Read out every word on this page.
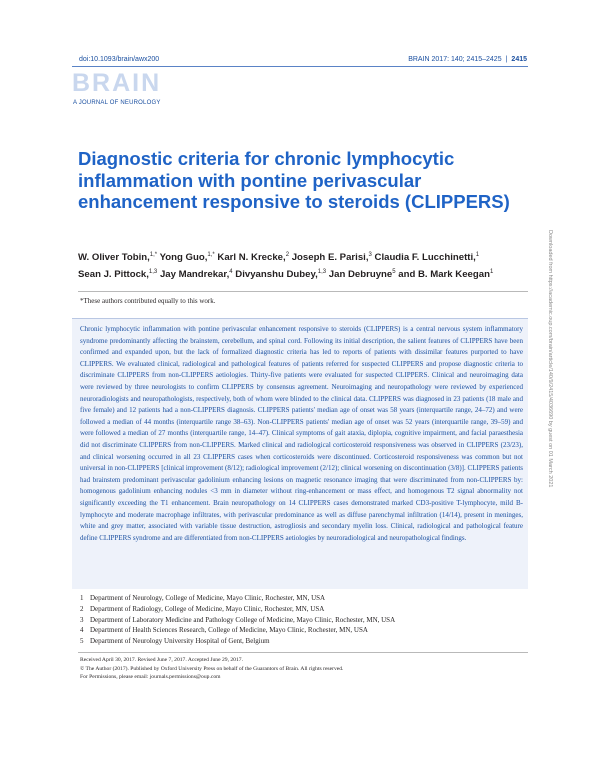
doi:10.1093/brain/awx200	BRAIN 2017: 140; 2415–2425 | 2415
BRAIN
A JOURNAL OF NEUROLOGY
Diagnostic criteria for chronic lymphocytic inflammation with pontine perivascular enhancement responsive to steroids (CLIPPERS)
W. Oliver Tobin,$^{1,*}$ Yong Guo,$^{1,*}$ Karl N. Krecke,$^2$ Joseph E. Parisi,$^3$ Claudia F. Lucchinetti,$^1$
Sean J. Pittock,$^{1,3}$ Jay Mandrekar,$^4$ Divyanshu Dubey,$^{1,3}$ Jan Debruyne$^5$ and B. Mark Keegan$^1$	Downloaded from https://academic.oup.com/brain/article/140/9/2415/4036690 by guest on 01 March 2021
*These authors contributed equally to this work.
Chronic lymphocytic inflammation with pontine perivascular enhancement responsive to steroids (CLIPPERS) is a central nervous system inflammatory syndrome predominantly affecting the brainstem, cerebellum, and spinal cord. Following its initial description, the salient features of CLIPPERS have been confirmed and expanded upon, but the lack of formalized diagnostic criteria has led to reports of patients with dissimilar features purported to have CLIPPERS. We evaluated clinical, radiological and pathological features of patients referred for suspected CLIPPERS and propose diagnostic criteria to discriminate CLIPPERS from non-CLIPPERS aetiologies. Thirty-five patients were evaluated for suspected CLIPPERS. Clinical and neuroimaging data were reviewed by three neurologists to confirm CLIPPERS by consensus agreement. Neuroimaging and neuropathology were reviewed by experienced neuroradiologists and neuropathologists, respectively, both of whom were blinded to the clinical data. CLIPPERS was diagnosed in 23 patients (18 male and five female) and 12 patients had a non-CLIPPERS diagnosis. CLIPPERS patients' median age of onset was 58 years (interquartile range, 24–72) and were followed a median of 44 months (interquartile range 38–63). Non-CLIPPERS patients' median age of onset was 52 years (interquartile range, 39–59) and were followed a median of 27 months (interquartile range, 14–47). Clinical symptoms of gait ataxia, diplopia, cognitive impairment, and facial paraesthesia did not discriminate CLIPPERS from non-CLIPPERS. Marked clinical and radiological corticosteroid responsiveness was observed in CLIPPERS (23/23), and clinical worsening occurred in all 23 CLIPPERS cases when corticosteroids were discontinued. Corticosteroid responsiveness was common but not universal in non-CLIPPERS [clinical improvement (8/12); radiological improvement (2/12); clinical worsening on discontinuation (3/8)]. CLIPPERS patients had brainstem predominant perivascular gadolinium enhancing lesions on magnetic resonance imaging that were discriminated from non-CLIPPERS by: homogenous gadolinium enhancing nodules <3 mm in diameter without ring-enhancement or mass effect, and homogenous T2 signal abnormality not significantly exceeding the T1 enhancement. Brain neuropathology on 14 CLIPPERS cases demonstrated marked CD3-positive T-lymphocyte, mild B-lymphocyte and moderate macrophage infiltrates, with perivascular predominance as well as diffuse parenchymal infiltration (14/14), present in meninges, white and grey matter, associated with variable tissue destruction, astrogliosis and secondary myelin loss. Clinical, radiological and pathological feature define CLIPPERS syndrome and are differentiated from non-CLIPPERS aetiologies by neuroradiological and neuropathological findings.
1 Department of Neurology, College of Medicine, Mayo Clinic, Rochester, MN, USA
2 Department of Radiology, College of Medicine, Mayo Clinic, Rochester, MN, USA
3 Department of Laboratory Medicine and Pathology College of Medicine, Mayo Clinic, Rochester, MN, USA
4 Department of Health Sciences Research, College of Medicine, Mayo Clinic, Rochester, MN, USA
5 Department of Neurology University Hospital of Gent, Belgium
Received April 30, 2017. Revised June 7, 2017. Accepted June 29, 2017.
© The Author (2017). Published by Oxford University Press on behalf of the Guarantors of Brain. All rights reserved.
For Permissions, please email: journals.permissions@oup.com
